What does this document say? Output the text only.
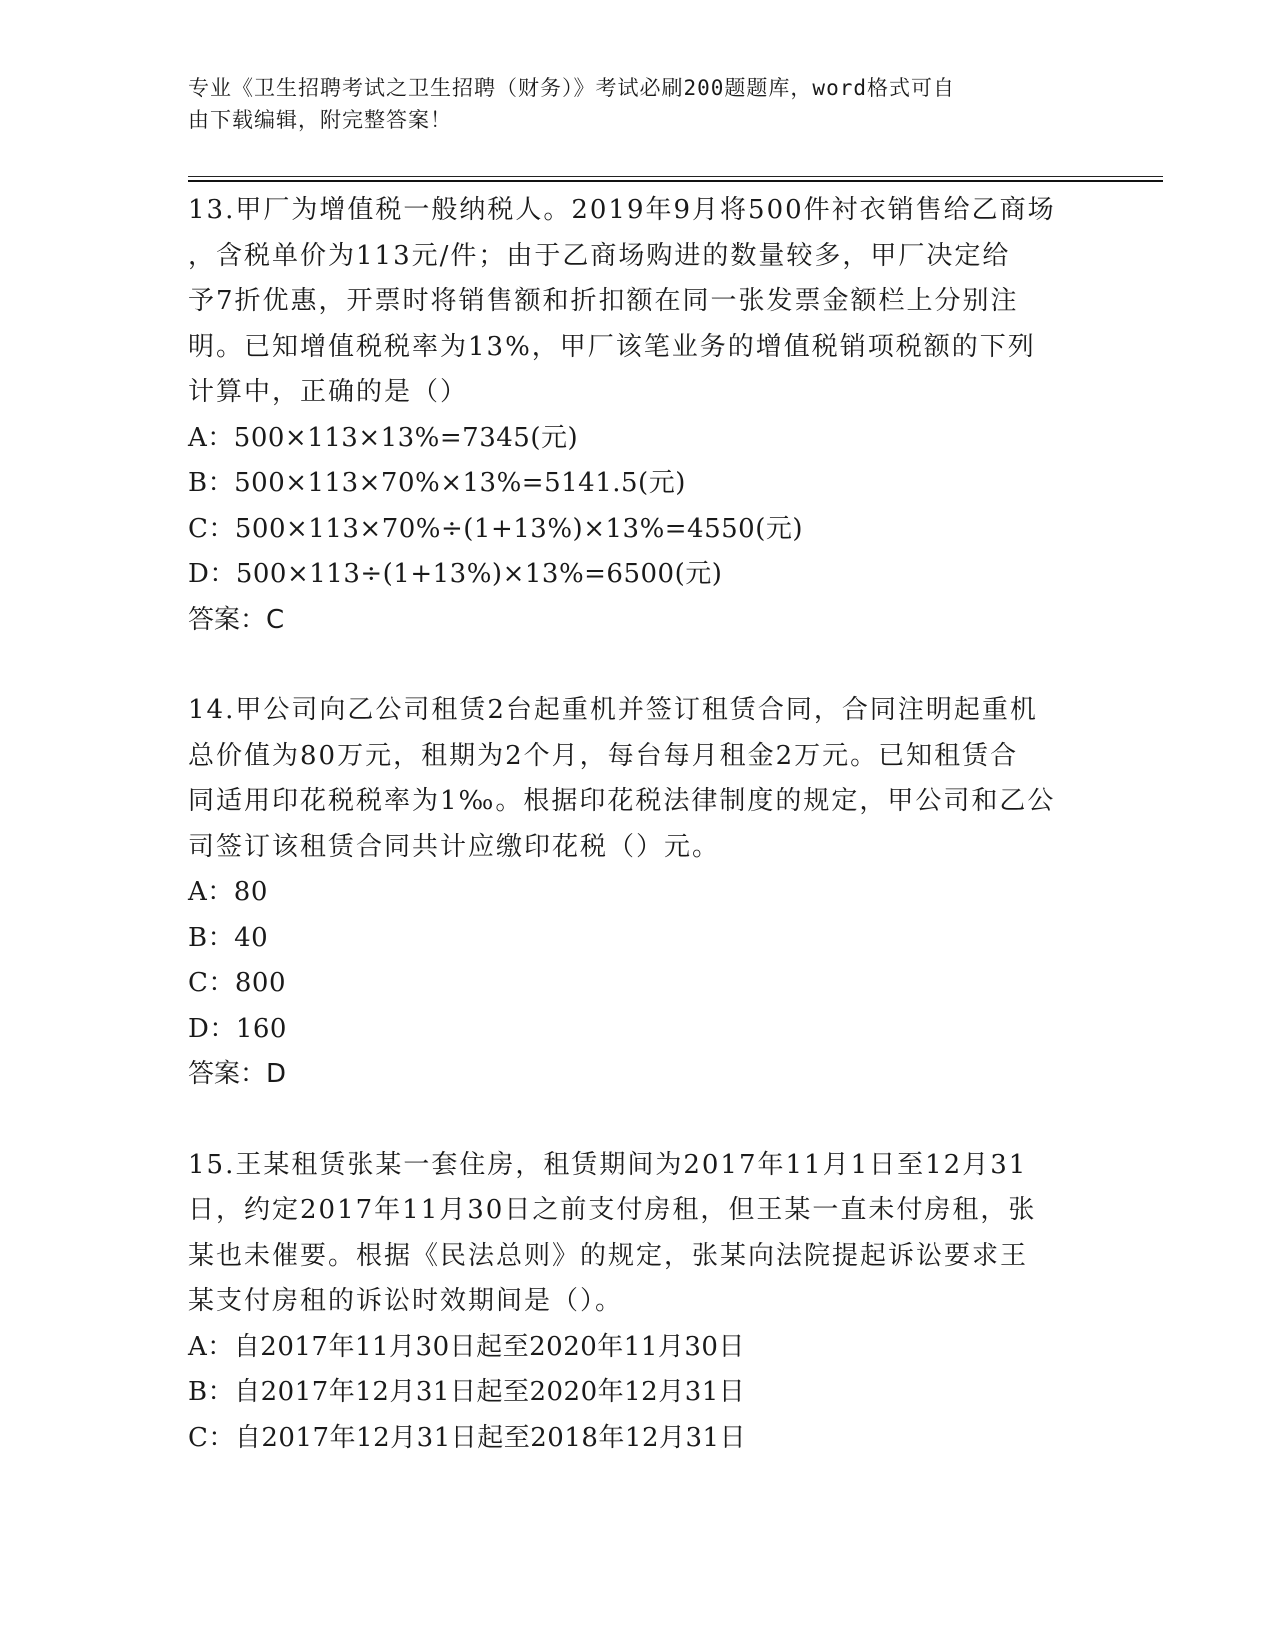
专业《卫生招聘考试之卫生招聘（财务）》考试必刷200题题库，word格式可自
由下载编辑，附完整答案！

13.甲厂为增值税一般纳税人。2019年9月将500件衬衣销售给乙商场

，含税单价为113元/件；由于乙商场购进的数量较多，甲厂决定给

予7折优惠，开票时将销售额和折扣额在同一张发票金额栏上分别注

明。已知增值税税率为13%，甲厂该笔业务的增值税销项税额的下列

计算中，正确的是（）

A：500×113×13%=7345(元)

B：500×113×70%×13%=5141.5(元)

C：500×113×70%÷(1+13%)×13%=4550(元)

D：500×113÷(1+13%)×13%=6500(元)

答案：C

14.甲公司向乙公司租赁2台起重机并签订租赁合同，合同注明起重机

总价值为80万元，租期为2个月，每台每月租金2万元。已知租赁合

同适用印花税税率为1‰。根据印花税法律制度的规定，甲公司和乙公

司签订该租赁合同共计应缴印花税（）元。

A：80

B：40

C：800

D：160

答案：D

15.王某租赁张某一套住房，租赁期间为2017年11月1日至12月31

日，约定2017年11月30日之前支付房租，但王某一直未付房租，张

某也未催要。根据《民法总则》的规定，张某向法院提起诉讼要求王

某支付房租的诉讼时效期间是（）。

A：自2017年11月30日起至2020年11月30日

B：自2017年12月31日起至2020年12月31日

C：自2017年12月31日起至2018年12月31日
